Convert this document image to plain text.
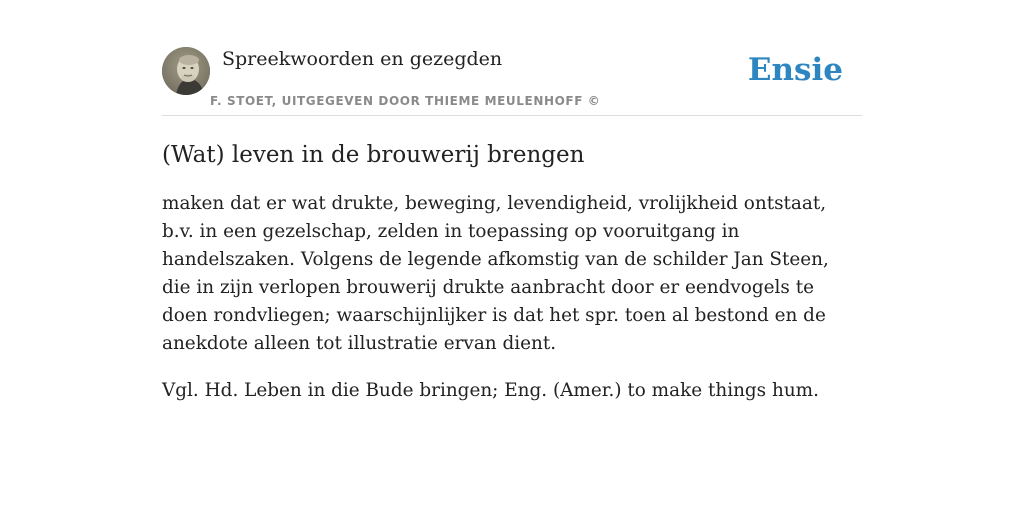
Spreekwoorden en gezegden
F. STOET, UITGEGEVEN DOOR THIEME MEULENHOFF ©
Ensie
(Wat) leven in de brouwerij brengen

maken dat er wat drukte, beweging, levendigheid, vrolijkheid ontstaat, b.v. in een gezelschap, zelden in toepassing op vooruitgang in handelszaken. Volgens de legende afkomstig van de schilder Jan Steen, die in zijn verlopen brouwerij drukte aanbracht door er eendvogels te doen rondvliegen; waarschijnlijker is dat het spr. toen al bestond en de anekdote alleen tot illustratie ervan dient.

Vgl. Hd. Leben in die Bude bringen; Eng. (Amer.) to make things hum.
